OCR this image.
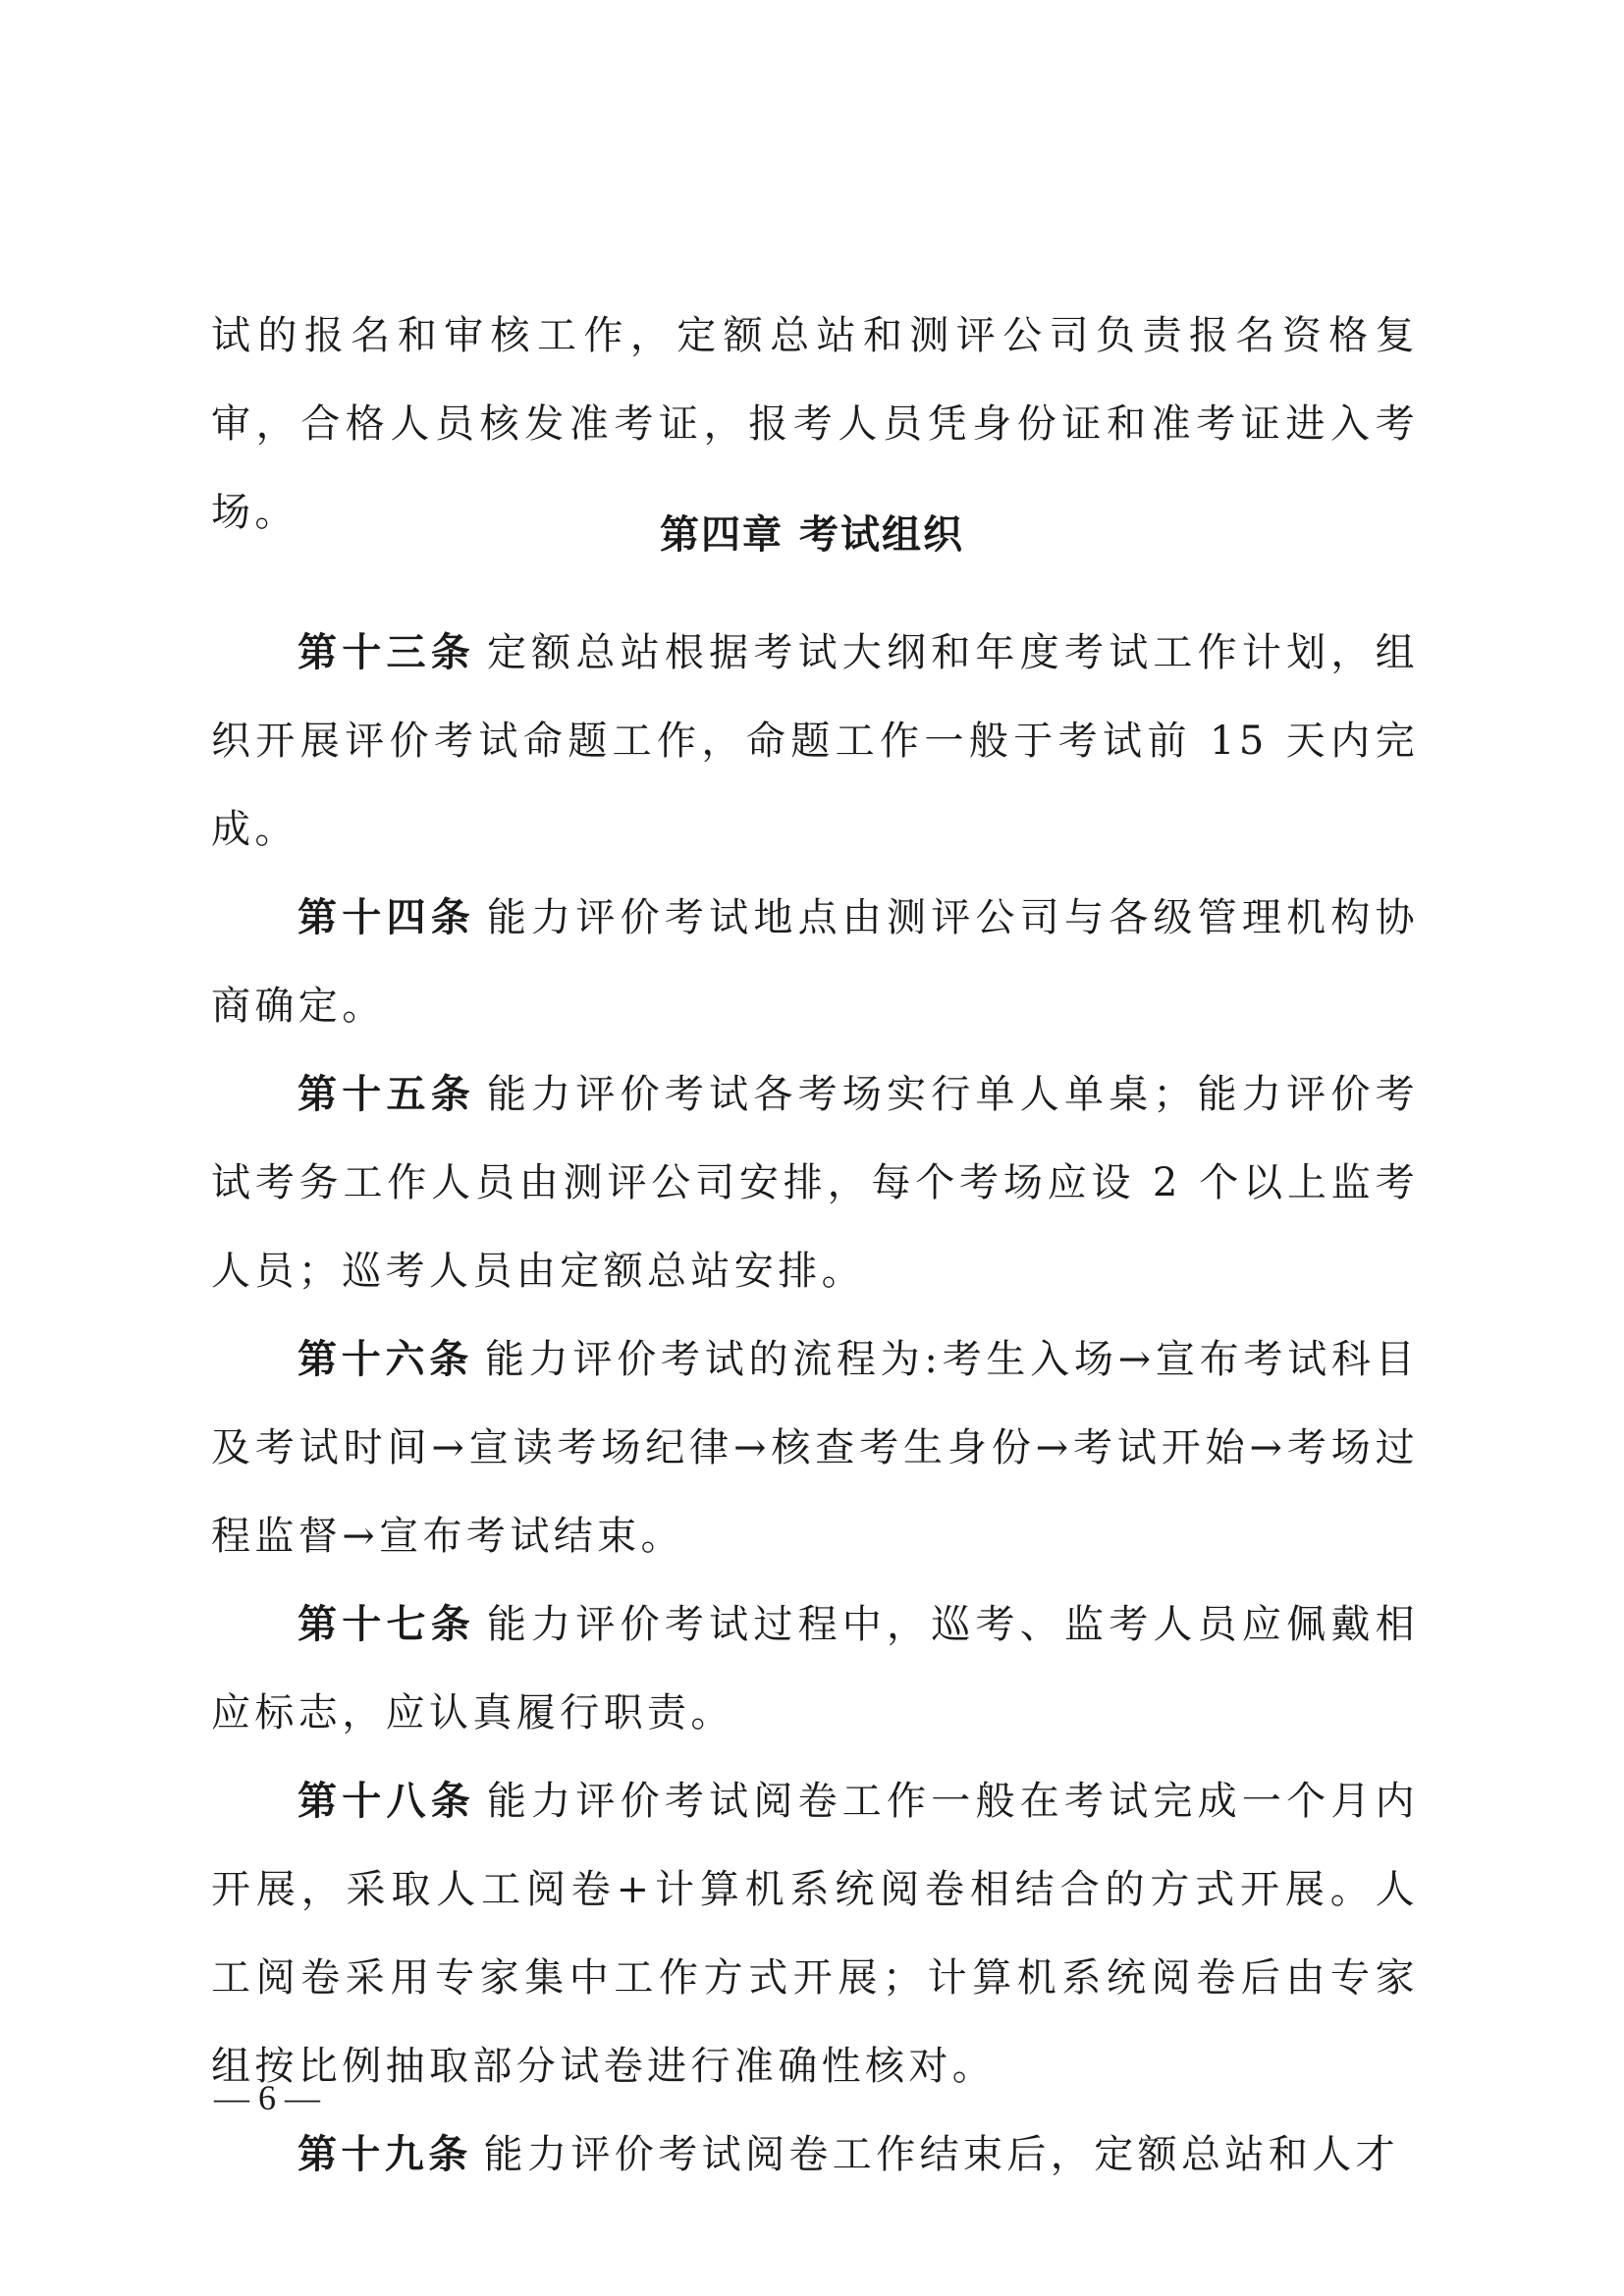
试的报名和审核工作，定额总站和测评公司负责报名资格复审，合格人员核发准考证，报考人员凭身份证和准考证进入考场。	第四章 考试组织

第十三条 定额总站根据考试大纲和年度考试工作计划，组织开展评价考试命题工作，命题工作一般于考试前 15 天内完成。

第十四条 能力评价考试地点由测评公司与各级管理机构协商确定。

第十五条 能力评价考试各考场实行单人单桌；能力评价考试考务工作人员由测评公司安排，每个考场应设 2 个以上监考人员；巡考人员由定额总站安排。

第十六条 能力评价考试的流程为:考生入场→宣布考试科目及考试时间→宣读考场纪律→核查考生身份→考试开始→考场过程监督→宣布考试结束。

第十七条 能力评价考试过程中，巡考、监考人员应佩戴相应标志，应认真履行职责。

第十八条 能力评价考试阅卷工作一般在考试完成一个月内开展，采取人工阅卷+计算机系统阅卷相结合的方式开展。人工阅卷采用专家集中工作方式开展；计算机系统阅卷后由专家组按比例抽取部分试卷进行准确性核对。

第十九条 能力评价考试阅卷工作结束后，定额总站和人才

— 6 —
